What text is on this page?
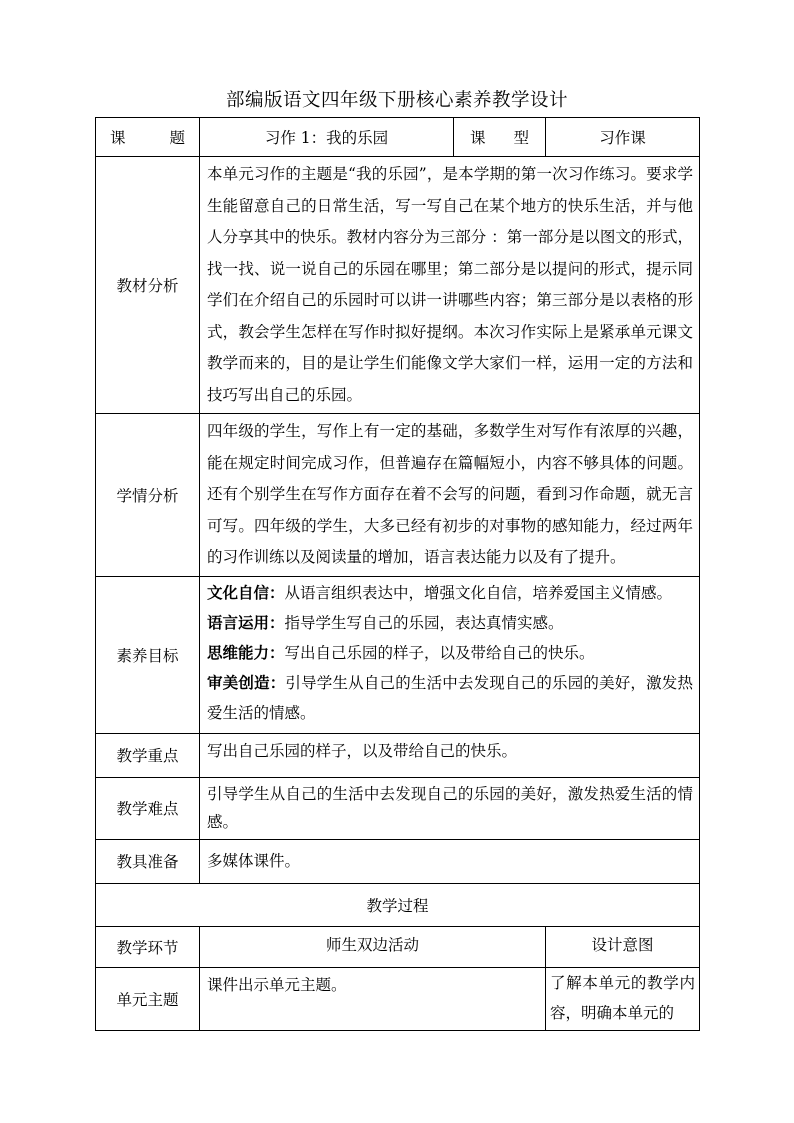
部编版语文四年级下册核心素养教学设计
课 题	习作 1：我的乐园	课 型	习作课
教材分析	本单元习作的主题是“我的乐园”，是本学期的第一次习作练习。要求学生能留意自己的日常生活，写一写自己在某个地方的快乐生活，并与他人分享其中的快乐。教材内容分为三部分 ：第一部分是以图文的形式，找一找、说一说自己的乐园在哪里；第二部分是以提问的形式，提示同学们在介绍自己的乐园时可以讲一讲哪些内容；第三部分是以表格的形式，教会学生怎样在写作时拟好提纲。本次习作实际上是紧承单元课文教学而来的，目的是让学生们能像文学大家们一样，运用一定的方法和技巧写出自己的乐园。		
学情分析	四年级的学生，写作上有一定的基础，多数学生对写作有浓厚的兴趣，能在规定时间完成习作，但普遍存在篇幅短小，内容不够具体的问题。还有个别学生在写作方面存在着不会写的问题，看到习作命题，就无言可写。四年级的学生，大多已经有初步的对事物的感知能力，经过两年的习作训练以及阅读量的增加，语言表达能力以及有了提升。		
素养目标	文化自信：从语言组织表达中，增强文化自信，培养爱国主义情感。
语言运用：指导学生写自己的乐园，表达真情实感。
思维能力：写出自己乐园的样子，以及带给自己的快乐。
审美创造：引导学生从自己的生活中去发现自己的乐园的美好，激发热爱生活的情感。		

教学重点	写出自己乐园的样子，以及带给自己的快乐。		
教学难点	引导学生从自己的生活中去发现自己的乐园的美好，激发热爱生活的情感。		
教具准备	多媒体课件。		
教学过程			
教学环节	师生双边活动		设计意图
单元主题	课件出示单元主题。		了解本单元的教学内容，明确本单元的
